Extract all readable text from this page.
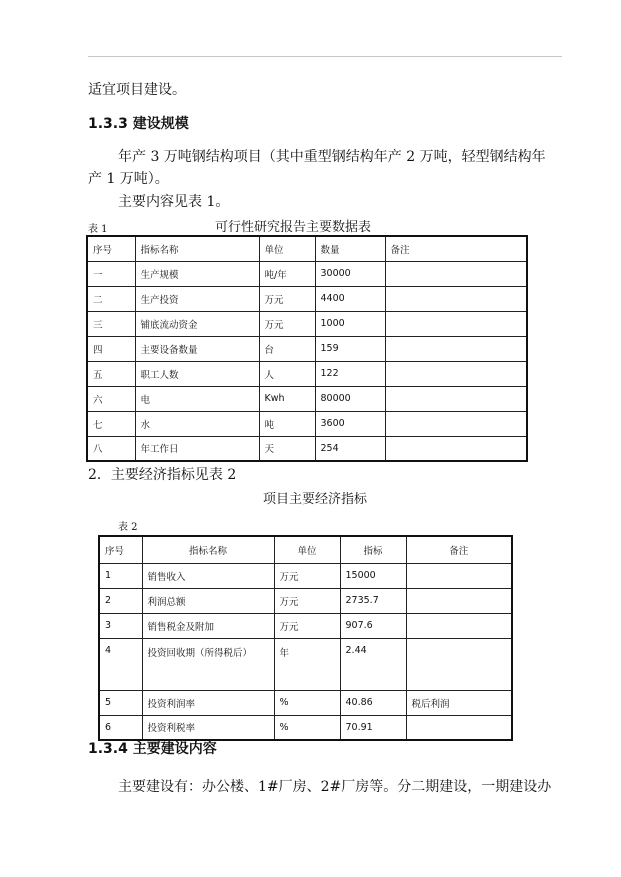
适宜项目建设。
1.3.3 建设规模
年产 3 万吨钢结构项目（其中重型钢结构年产 2 万吨，轻型钢结构年
产 1 万吨）。
主要内容见表 1。
表 1	可行性研究报告主要数据表
序号	指标名称	单位	数量	备注
一	生产规模	吨/年	30000	
二	生产投资	万元	4400	
三	铺底流动资金	万元	1000	
四	主要设备数量	台	159	
五	职工人数	人	122	
六	电	Kwh	80000	
七	水	吨	3600	
八	年工作日	天	254	
2．主要经济指标见表 2
项目主要经济指标
表 2
序号	指标名称	单位	指标	备注
1	销售收入	万元	15000	
2	利润总额	万元	2735.7	
3	销售税金及附加	万元	907.6	
4	投资回收期（所得税后）	年	2.44	
5	投资利润率	%	40.86	税后利润
6	投资利税率	%	70.91	
1.3.4 主要建设内容
主要建设有：办公楼、1#厂房、2#厂房等。分二期建设，一期建设办
